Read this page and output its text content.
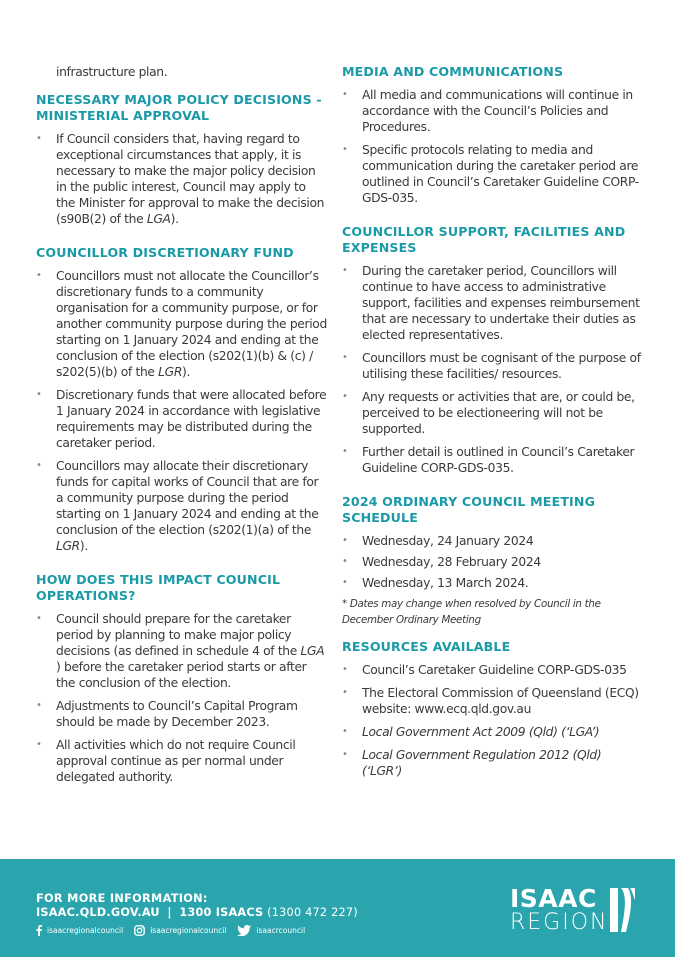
infrastructure plan.

NECESSARY MAJOR POLICY DECISIONS - MINISTERIAL APPROVAL
• If Council considers that, having regard to exceptional circumstances that apply, it is necessary to make the major policy decision in the public interest, Council may apply to the Minister for approval to make the decision (s90B(2) of the LGA).
COUNCILLOR DISCRETIONARY FUND
• Councillors must not allocate the Councillor’s discretionary funds to a community organisation for a community purpose, or for another community purpose during the period starting on 1 January 2024 and ending at the conclusion of the election (s202(1)(b) & (c) / s202(5)(b) of the LGR).
• Discretionary funds that were allocated before 1 January 2024 in accordance with legislative requirements may be distributed during the caretaker period.
• Councillors may allocate their discretionary funds for capital works of Council that are for a community purpose during the period starting on 1 January 2024 and ending at the conclusion of the election (s202(1)(a) of the LGR).
HOW DOES THIS IMPACT COUNCIL OPERATIONS?
• Council should prepare for the caretaker period by planning to make major policy decisions (as defined in schedule 4 of the LGA ) before the caretaker period starts or after the conclusion of the election.
• Adjustments to Council’s Capital Program should be made by December 2023.
• All activities which do not require Council approval continue as per normal under delegated authority.
MEDIA AND COMMUNICATIONS
• All media and communications will continue in accordance with the Council’s Policies and Procedures.
• Specific protocols relating to media and communication during the caretaker period are outlined in Council’s Caretaker Guideline CORP-GDS-035.
COUNCILLOR SUPPORT, FACILITIES AND EXPENSES
• During the caretaker period, Councillors will continue to have access to administrative support, facilities and expenses reimbursement that are necessary to undertake their duties as elected representatives.
• Councillors must be cognisant of the purpose of utilising these facilities/ resources.
• Any requests or activities that are, or could be, perceived to be electioneering will not be supported.
• Further detail is outlined in Council’s Caretaker Guideline CORP-GDS-035.
2024 ORDINARY COUNCIL MEETING SCHEDULE
• Wednesday, 24 January 2024
• Wednesday, 28 February 2024
• Wednesday, 13 March 2024.

* Dates may change when resolved by Council in the December Ordinary Meeting

RESOURCES AVAILABLE
• Council’s Caretaker Guideline CORP-GDS-035
• The Electoral Commission of Queensland (ECQ) website: www.ecq.qld.gov.au
• Local Government Act 2009 (Qld) (‘LGA’)
• Local Government Regulation 2012 (Qld) (‘LGR’)
FOR MORE INFORMATION:
ISAAC.QLD.GOV.AU | 1300 ISAACS (1300 472 227)
isaacregionalcouncil	isaacregionalcouncil	isaacrcouncil
ISAAC
REGION
